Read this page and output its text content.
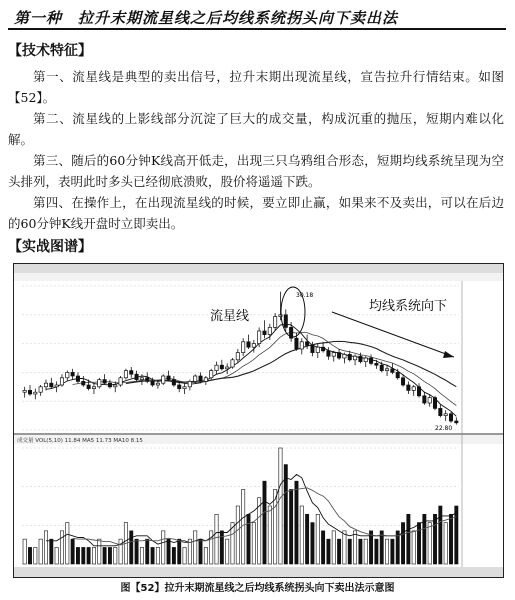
第一种　拉升末期流星线之后均线系统拐头向下卖出法
【技术特征】
第一、流星线是典型的卖出信号，拉升末期出现流星线，宣告拉升行情结束。如图【52】。
第二、流星线的上影线部分沉淀了巨大的成交量，构成沉重的抛压，短期内难以化解。
第三、随后的60分钟K线高开低走，出现三只乌鸦组合形态，短期均线系统呈现为空头排列，表明此时多头已经彻底溃败，股价将遥遥下跌。
第四、在操作上，在出现流星线的时候，要立即止赢，如果来不及卖出，可以在后边的60分钟K线开盘时立即卖出。
【实战图谱】
流星线
均线系统向下
30.18
22.80
成交量 VOL(5,10) 11.84 MA5 11.73 MA10 8.15
图【52】拉升末期流星线之后均线系统拐头向下卖出法示意图
